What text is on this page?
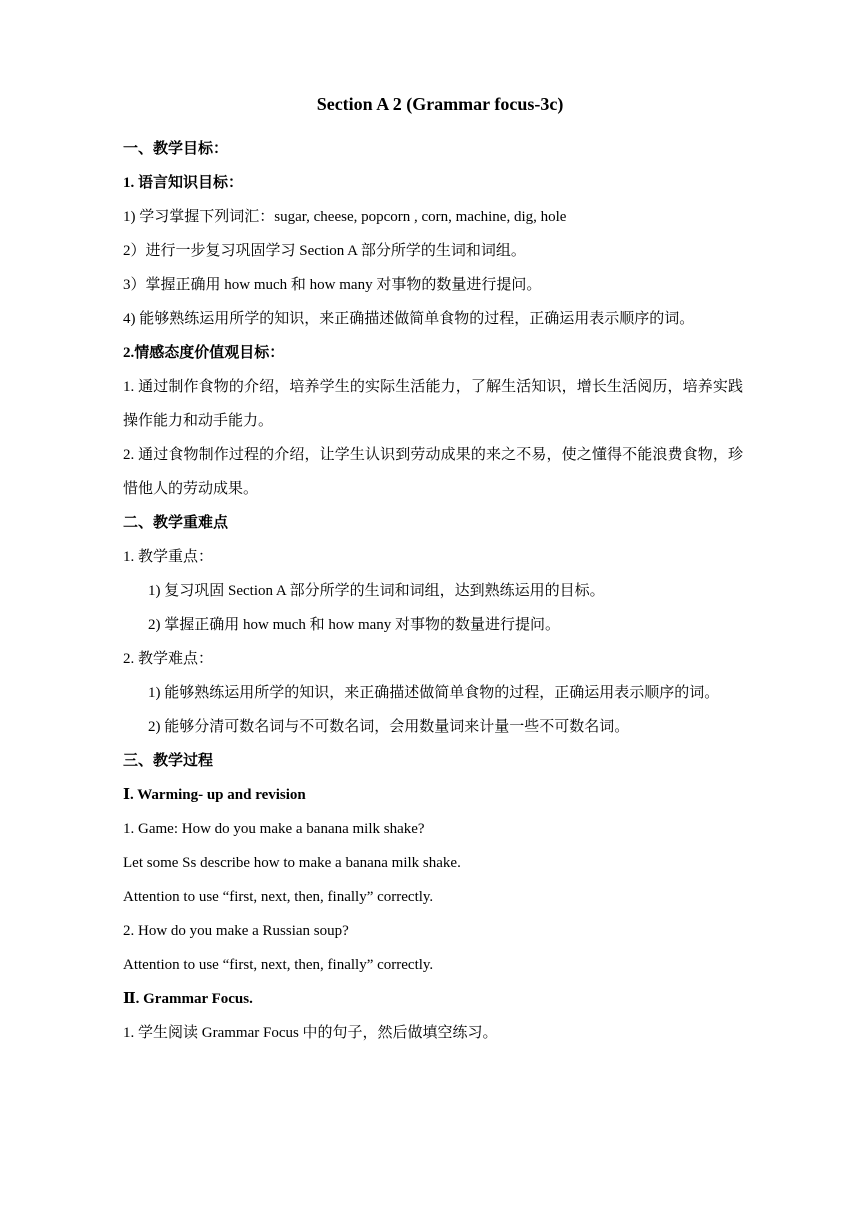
Section A 2 (Grammar focus-3c)
一、教学目标：
1. 语言知识目标：
1) 学习掌握下列词汇：sugar, cheese, popcorn , corn, machine, dig, hole
2）进行一步复习巩固学习 Section A 部分所学的生词和词组。
3）掌握正确用 how much 和 how many 对事物的数量进行提问。
4) 能够熟练运用所学的知识，来正确描述做简单食物的过程，正确运用表示顺序的词。
2.情感态度价值观目标：
1. 通过制作食物的介绍，培养学生的实际生活能力，了解生活知识，增长生活阅历，培养实践操作能力和动手能力。
2. 通过食物制作过程的介绍，让学生认识到劳动成果的来之不易，使之懂得不能浪费食物，珍惜他人的劳动成果。
二、教学重难点
1. 教学重点：
1) 复习巩固 Section A 部分所学的生词和词组，达到熟练运用的目标。
2) 掌握正确用 how much 和 how many 对事物的数量进行提问。
2. 教学难点：
1) 能够熟练运用所学的知识，来正确描述做简单食物的过程，正确运用表示顺序的词。
2) 能够分清可数名词与不可数名词，会用数量词来计量一些不可数名词。
三、教学过程
Ⅰ. Warming- up and revision
1. Game: How do you make a banana milk shake?
Let some Ss describe how to make a banana milk shake.
Attention to use “first, next, then, finally” correctly.
2. How do you make a Russian soup?
Attention to use “first, next, then, finally” correctly.
Ⅱ. Grammar Focus.
1. 学生阅读 Grammar Focus 中的句子，然后做填空练习。
